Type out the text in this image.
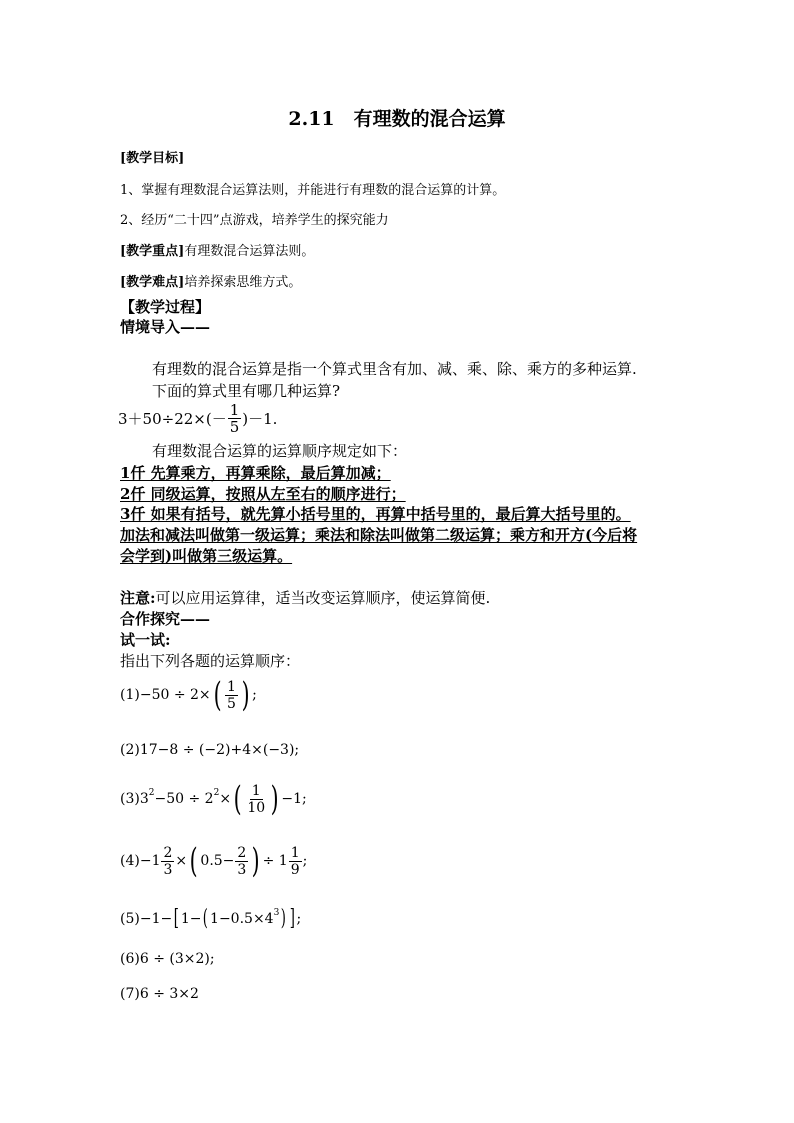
2.11　有理数的混合运算
[教学目标]
1、掌握有理数混合运算法则，并能进行有理数的混合运算的计算。
2、经历“二十四”点游戏，培养学生的探究能力
[教学重点]有理数混合运算法则。
[教学难点]培养探索思维方式。
【教学过程】
情境导入——
有理数的混合运算是指一个算式里含有加、减、乘、除、乘方的多种运算.
下面的算式里有哪几种运算?
$3+50\div 22\times(- \frac{1}{5} )-1$.
有理数混合运算的运算顺序规定如下：
1仟 先算乘方，再算乘除，最后算加减；
2仟 同级运算，按照从左至右的顺序进行；
3仟 如果有括号，就先算小括号里的，再算中括号里的，最后算大括号里的。
加法和减法叫做第一级运算；乘法和除法叫做第二级运算；乘方和开方(今后将
会学到)叫做第三级运算。
注意:可以应用运算律，适当改变运算顺序，使运算简便.
合作探究——
试一试:
指出下列各题的运算顺序：
(1) −50 ÷ 2× ( $\frac{1}{5}$ ) ;
(2) 17−8 ÷ (−2)+4×(−3);
(3) 3 2 −50 ÷ 2 2 × ( $\frac{1}{10}$ ) −1;
$(4) -1 \frac{2}{3}$ × ( $0.5- \frac{2}{3}$ ) ÷ $1 \frac{1}{9}$ ;
(5) −1− [ 1− ( 1−0.5×4 3 ) ] ;
(6) 6 ÷ (3×2);
(7) 6 ÷ 3×2
